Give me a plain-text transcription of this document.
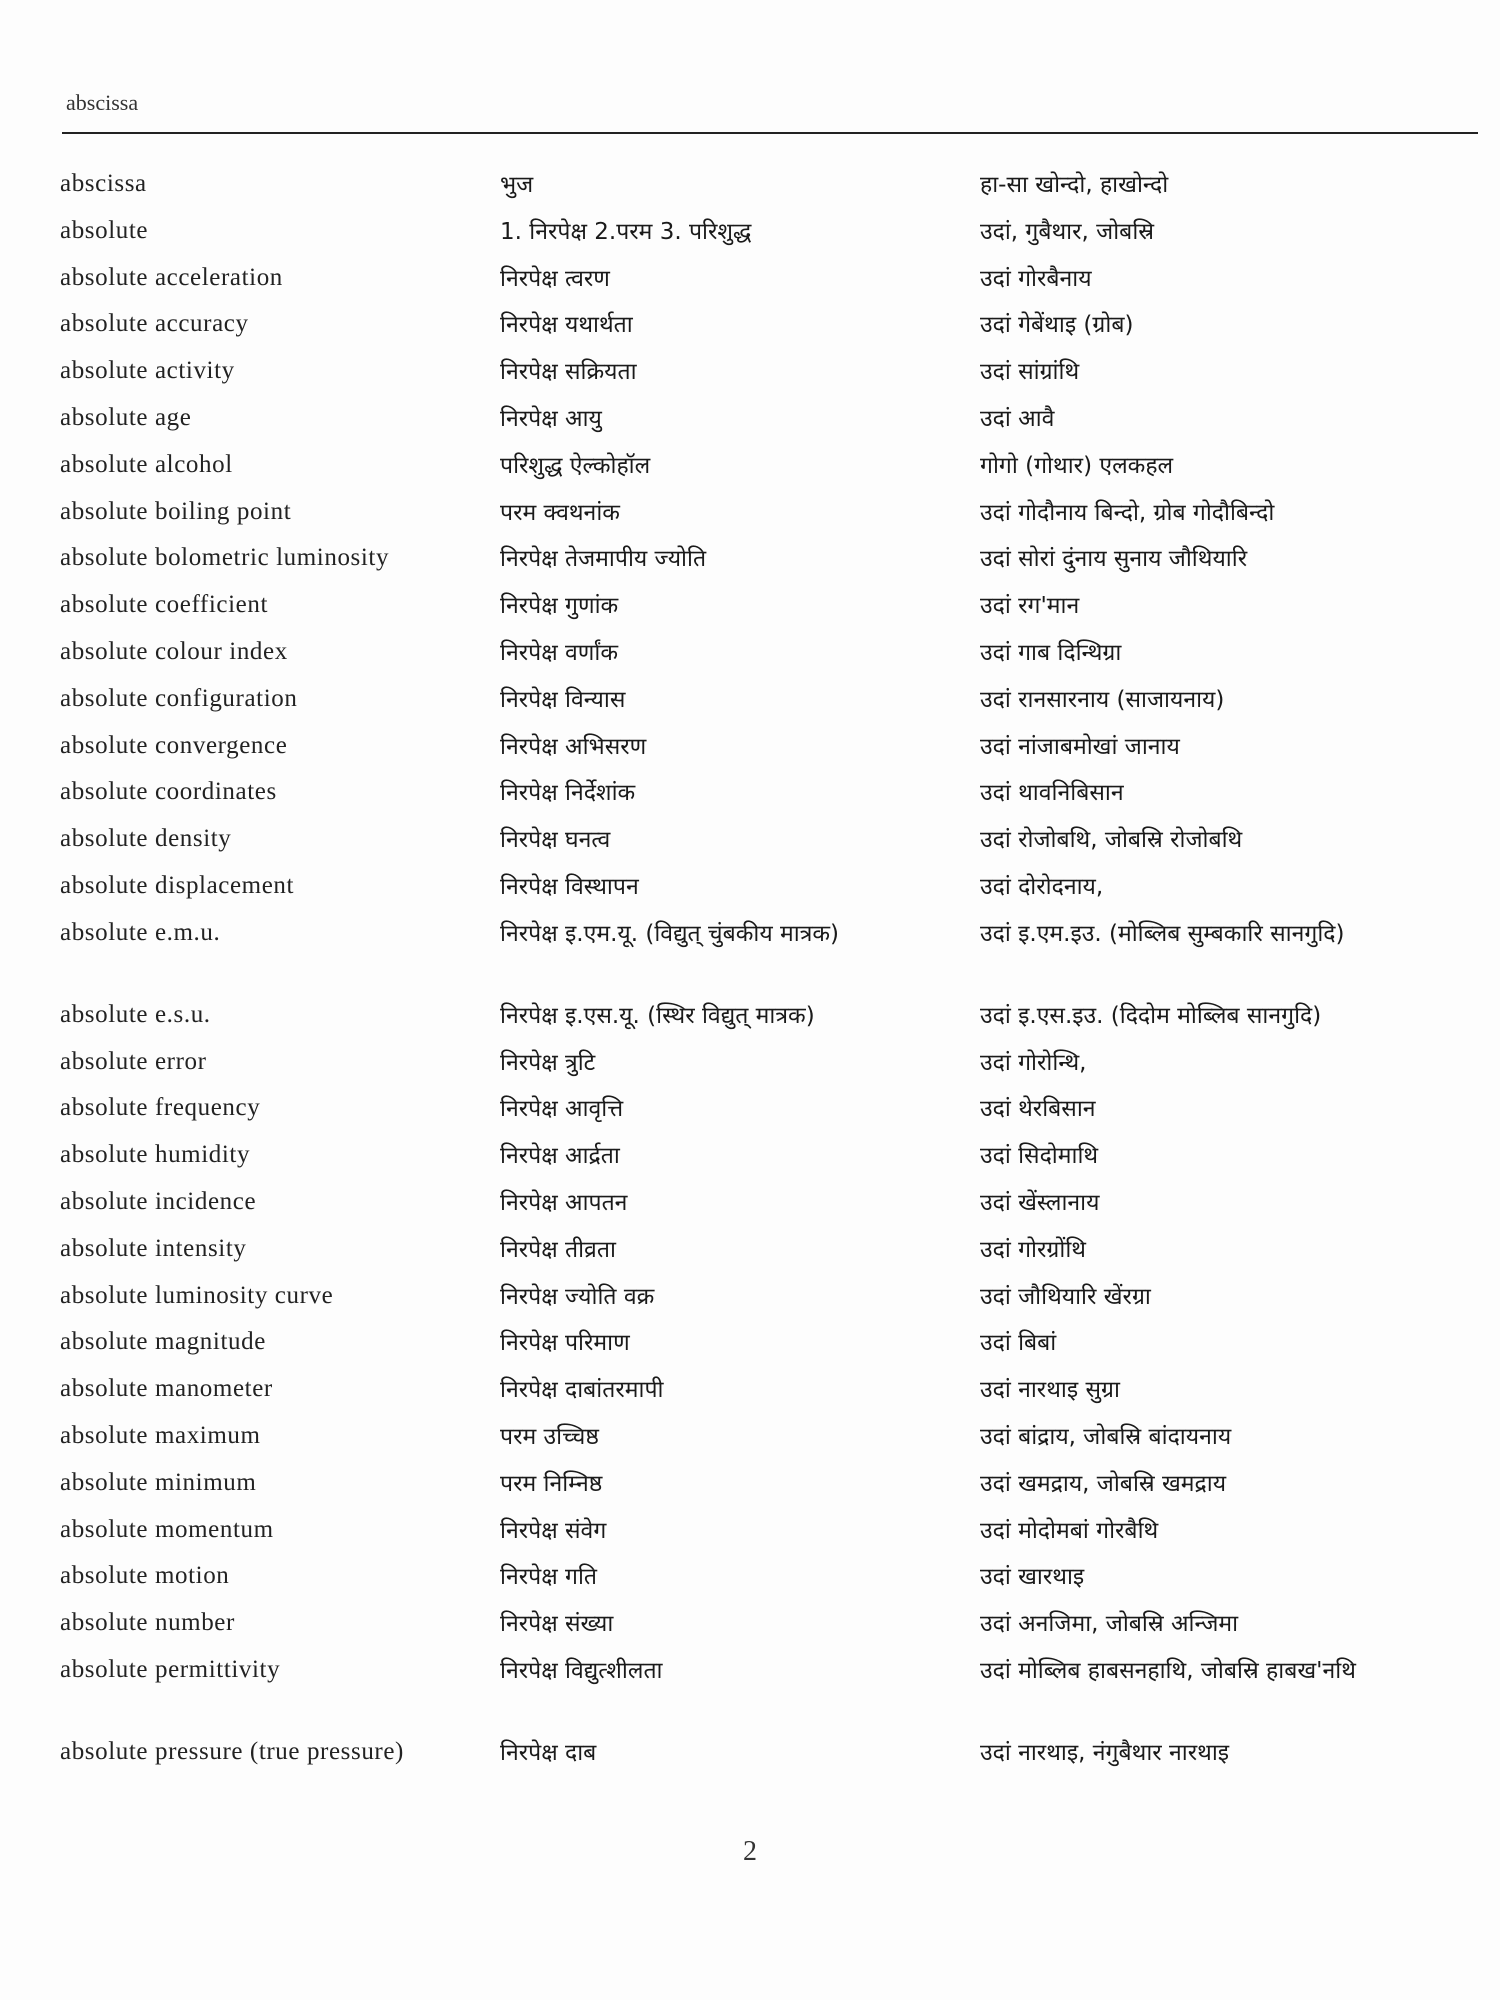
abscissa
abscissa	भुज	हा-सा खोन्दो, हाखोन्दो
absolute	1. निरपेक्ष 2.परम 3. परिशुद्ध	उदां, गुबैथार, जोबस्रि
absolute acceleration	निरपेक्ष त्वरण	उदां गोरबैनाय
absolute accuracy	निरपेक्ष यथार्थता	उदां गेबेंथाइ (ग्रोब)
absolute activity	निरपेक्ष सक्रियता	उदां सांग्रांथि
absolute age	निरपेक्ष आयु	उदां आवै
absolute alcohol	परिशुद्ध ऐल्कोहॉल	गोगो (गोथार) एलकहल
absolute boiling point	परम क्वथनांक	उदां गोदौनाय बिन्दो, ग्रोब गोदौबिन्दो
absolute bolometric luminosity	निरपेक्ष तेजमापीय ज्योति	उदां सोरां दुंनाय सुनाय जौथियारि
absolute coefficient	निरपेक्ष गुणांक	उदां रग'मान
absolute colour index	निरपेक्ष वर्णांक	उदां गाब दिन्थिग्रा
absolute configuration	निरपेक्ष विन्यास	उदां रानसारनाय (साजायनाय)
absolute convergence	निरपेक्ष अभिसरण	उदां नांजाबमोखां जानाय
absolute coordinates	निरपेक्ष निर्देशांक	उदां थावनिबिसान
absolute density	निरपेक्ष घनत्व	उदां रोजोबथि, जोबस्रि रोजोबथि
absolute displacement	निरपेक्ष विस्थापन	उदां दोरोदनाय,
absolute e.m.u.	निरपेक्ष इ.एम.यू. (विद्युत् चुंबकीय मात्रक)	उदां इ.एम.इउ. (मोब्लिब सुम्बकारि सानगुदि)
absolute e.s.u.	निरपेक्ष इ.एस.यू. (स्थिर विद्युत् मात्रक)	उदां इ.एस.इउ. (दिदोम मोब्लिब सानगुदि)
absolute error	निरपेक्ष त्रुटि	उदां गोरोन्थि,
absolute frequency	निरपेक्ष आवृत्ति	उदां थेरबिसान
absolute humidity	निरपेक्ष आर्द्रता	उदां सिदोमाथि
absolute incidence	निरपेक्ष आपतन	उदां खेंस्लानाय
absolute intensity	निरपेक्ष तीव्रता	उदां गोरग्रोंथि
absolute luminosity curve	निरपेक्ष ज्योति वक्र	उदां जौथियारि खेंरग्रा
absolute magnitude	निरपेक्ष परिमाण	उदां बिबां
absolute manometer	निरपेक्ष दाबांतरमापी	उदां नारथाइ सुग्रा
absolute maximum	परम उच्चिष्ठ	उदां बांद्राय, जोबस्रि बांदायनाय
absolute minimum	परम निम्निष्ठ	उदां खमद्राय, जोबस्रि खमद्राय
absolute momentum	निरपेक्ष संवेग	उदां मोदोमबां गोरबैथि
absolute motion	निरपेक्ष गति	उदां खारथाइ
absolute number	निरपेक्ष संख्या	उदां अनजिमा, जोबस्रि अन्जिमा
absolute permittivity	निरपेक्ष विद्युत्शीलता	उदां मोब्लिब हाबसनहाथि, जोबस्रि हाबख'नथि
absolute pressure (true pressure)	निरपेक्ष दाब	उदां नारथाइ, नंगुबैथार नारथाइ
2
